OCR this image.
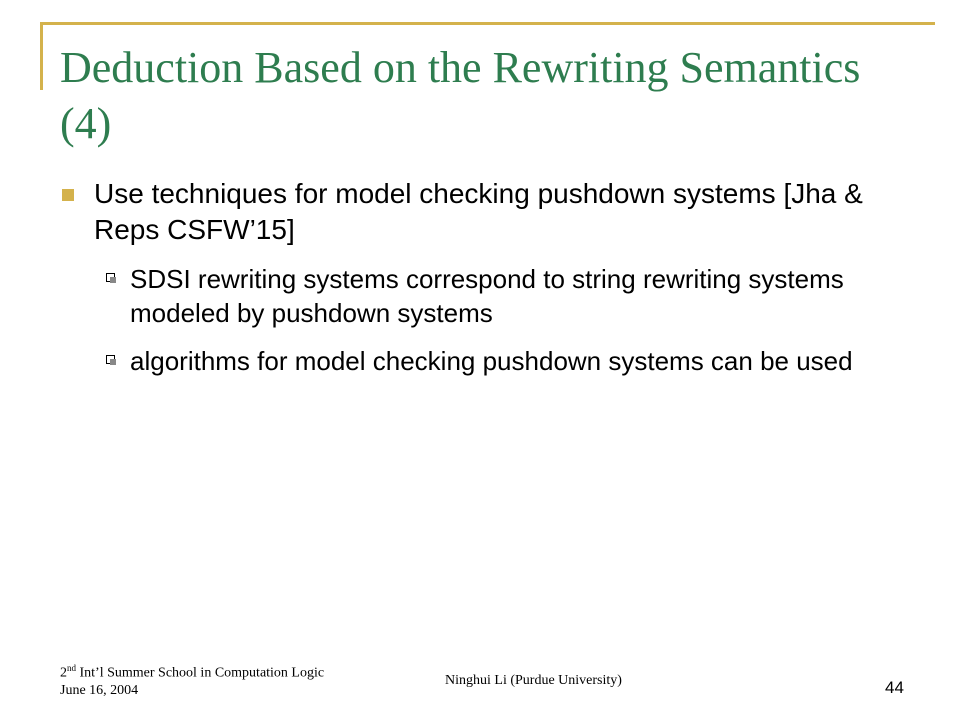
Deduction Based on the Rewriting Semantics (4)
Use techniques for model checking pushdown systems [Jha & Reps CSFW’15]
SDSI rewriting systems correspond to string rewriting systems modeled by pushdown systems
algorithms for model checking pushdown systems can be used
2nd Int’l Summer School in Computation Logic
June 16, 2004
Ninghui Li (Purdue University)	44
